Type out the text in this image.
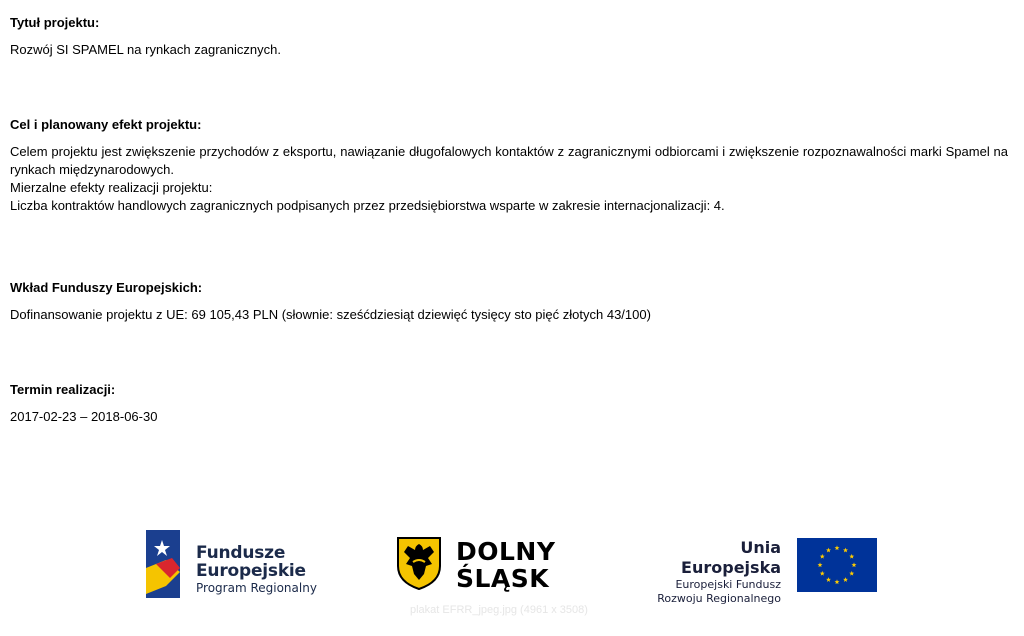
Tytuł projektu:

Rozwój SI SPAMEL na rynkach zagranicznych.

Cel i planowany efekt projektu:

Celem projektu jest zwiększenie przychodów z eksportu, nawiązanie długofalowych kontaktów z zagranicznymi odbiorcami i zwiększenie rozpoznawalności marki Spamel na rynkach międzynarodowych.

Mierzalne efekty realizacji projektu:

Liczba kontraktów handlowych zagranicznych podpisanych przez przedsiębiorstwa wsparte w zakresie internacjonalizacji: 4.

Wkład Funduszy Europejskich:

Dofinansowanie projektu z UE: 69 105,43 PLN (słownie: sześćdziesiąt dziewięć tysięcy sto pięć złotych 43/100)

Termin realizacji:

2017-02-23 – 2018-06-30

Fundusze
Europejskie
Program Regionalny
DOLNY
ŚLĄSK
Unia Europejska
Europejski Fundusz
Rozwoju Regionalnego
plakat EFRR_jpeg.jpg (4961 x 3508)
